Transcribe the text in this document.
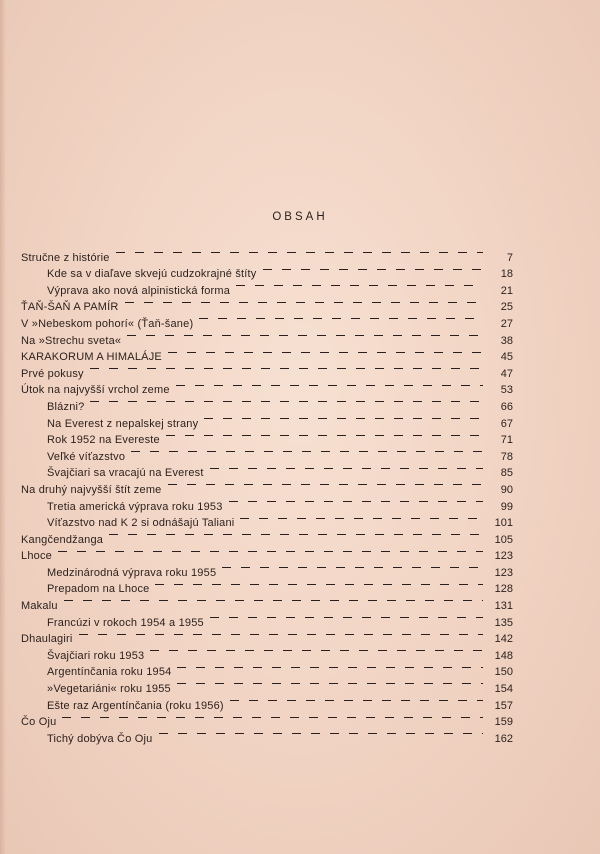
OBSAH
Stručne z histórie	7
Kde sa v diaľave skvejú cudzokrajné štíty	18
Výprava ako nová alpinistická forma	21
ŤAŇ-ŠAŇ A PAMÍR	25
V »Nebeskom pohorí« (Ťaň-šane)	27
Na »Strechu sveta«	38
KARAKORUM A HIMALÁJE	45
Prvé pokusy	47
Útok na najvyšší vrchol zeme	53
Blázni?	66
Na Everest z nepalskej strany	67
Rok 1952 na Evereste	71
Veľké víťazstvo	78
Švajčiari sa vracajú na Everest	85
Na druhý najvyšší štít zeme	90
Tretia americká výprava roku 1953	99
Víťazstvo nad K 2 si odnášajú Taliani	101
Kangčendžanga	105
Lhoce	123
Medzinárodná výprava roku 1955	123
Prepadom na Lhoce	128
Makalu	131
Francúzi v rokoch 1954 a 1955	135
Dhaulagiri	142
Švajčiari roku 1953	148
Argentínčania roku 1954	150
»Vegetariáni« roku 1955	154
Ešte raz Argentínčania (roku 1956)	157
Čo Oju	159
Tichý dobýva Čo Oju	162
